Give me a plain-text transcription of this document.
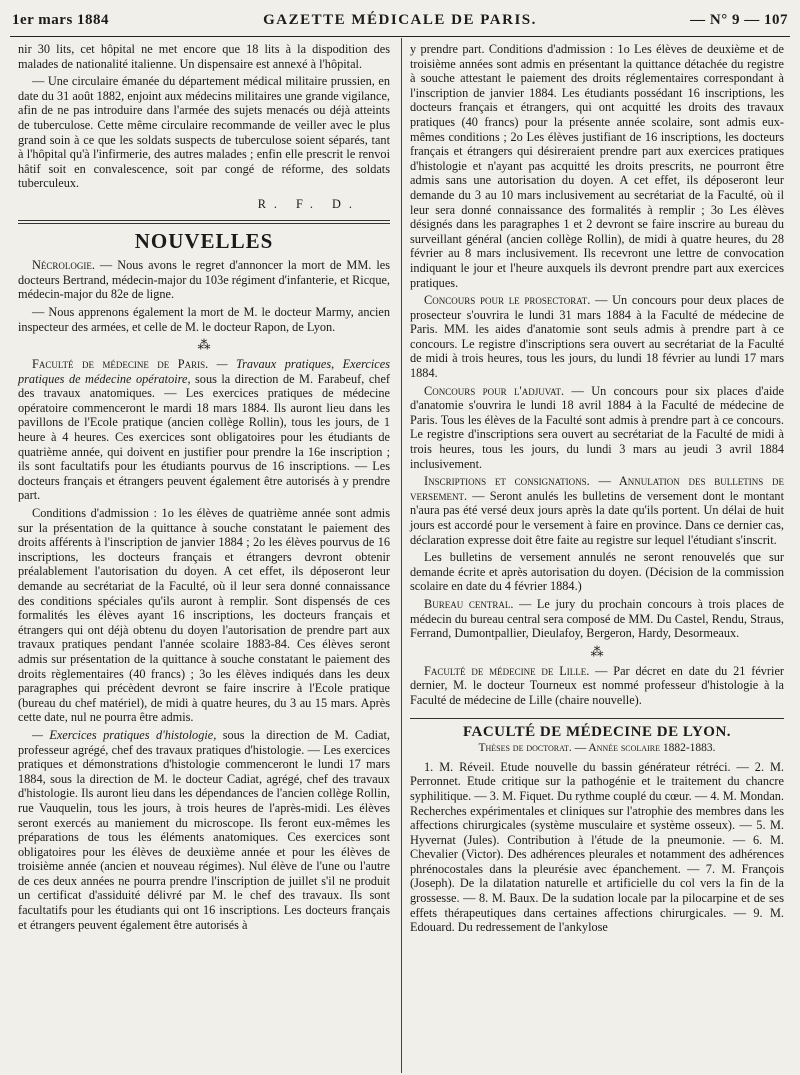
1er mars 1884	GAZETTE MÉDICALE DE PARIS.	— N° 9 — 107

nir 30 lits, cet hôpital ne met encore que 18 lits à la dispodition des malades de nationalité italienne. Un dispensaire est annexé à l'hôpital.

— Une circulaire émanée du département médical militaire prussien, en date du 31 août 1882, enjoint aux médecins militaires une grande vigilance, afin de ne pas introduire dans l'armée des sujets menacés ou déjà atteints de tuberculose. Cette même circulaire recommande de veiller avec le plus grand soin à ce que les soldats suspects de tuberculose soient séparés, tant à l'hôpital qu'à l'infirmerie, des autres malades ; enfin elle prescrit le renvoi hâtif soit en convalescence, soit par congé de réforme, des soldats tuberculeux.

R. F. D.
NOUVELLES

Nécrologie. — Nous avons le regret d'annoncer la mort de MM. les docteurs Bertrand, médecin-major du 103e régiment d'infanterie, et Ricque, médecin-major du 82e de ligne.

— Nous apprenons également la mort de M. le docteur Marmy, ancien inspecteur des armées, et celle de M. le docteur Rapon, de Lyon.

⁂

Faculté de médecine de Paris. — Travaux pratiques, Exercices pratiques de médecine opératoire, sous la direction de M. Farabeuf, chef des travaux anatomiques. — Les exercices pratiques de médecine opératoire commenceront le mardi 18 mars 1884. Ils auront lieu dans les pavillons de l'Ecole pratique (ancien collège Rollin), tous les jours, de 1 heure à 4 heures. Ces exercices sont obligatoires pour les étudiants de quatrième année, qui doivent en justifier pour prendre la 16e inscription ; ils sont facultatifs pour les étudiants pourvus de 16 inscriptions. — Les docteurs français et étrangers peuvent également être autorisés à y prendre part.

Conditions d'admission : 1o les élèves de quatrième année sont admis sur la présentation de la quittance à souche constatant le paiement des droits afférents à l'inscription de janvier 1884 ; 2o les élèves pourvus de 16 inscriptions, les docteurs français et étrangers devront obtenir préalablement l'autorisation du doyen. A cet effet, ils déposeront leur demande au secrétariat de la Faculté, où il leur sera donné connaissance des conditions spéciales qu'ils auront à remplir. Sont dispensés de ces formalités les élèves ayant 16 inscriptions, les docteurs français et étrangers qui ont déjà obtenu du doyen l'autorisation de prendre part aux travaux pratiques pendant l'année scolaire 1883-84. Ces élèves seront admis sur présentation de la quittance à souche constatant le paiement des droits règlementaires (40 francs) ; 3o les élèves indiqués dans les deux paragraphes qui précèdent devront se faire inscrire à l'Ecole pratique (bureau du chef matériel), de midi à quatre heures, du 3 au 15 mars. Après cette date, nul ne pourra être admis.

— Exercices pratiques d'histologie, sous la direction de M. Cadiat, professeur agrégé, chef des travaux pratiques d'histologie. — Les exercices pratiques et démonstrations d'histologie commenceront le lundi 17 mars 1884, sous la direction de M. le docteur Cadiat, agrégé, chef des travaux d'histologie. Ils auront lieu dans les dépendances de l'ancien collège Rollin, rue Vauquelin, tous les jours, à trois heures de l'après-midi. Les élèves seront exercés au maniement du microscope. Ils feront eux-mêmes les préparations de tous les éléments anatomiques. Ces exercices sont obligatoires pour les élèves de deuxième année et pour les élèves de troisième année (ancien et nouveau régimes). Nul élève de l'une ou l'autre de ces deux années ne pourra prendre l'inscription de juillet s'il ne produit un certificat d'assiduité délivré par M. le chef des travaux. Ils sont facultatifs pour les étudiants qui ont 16 inscriptions. Les docteurs français et étrangers peuvent également être autorisés à

y prendre part. Conditions d'admission : 1o Les élèves de deuxième et de troisième années sont admis en présentant la quittance détachée du registre à souche attestant le paiement des droits réglementaires correspondant à l'inscription de janvier 1884. Les étudiants possédant 16 inscriptions, les docteurs français et étrangers, qui ont acquitté les droits des travaux pratiques (40 francs) pour la présente année scolaire, sont admis eux-mêmes conditions ; 2o Les élèves justifiant de 16 inscriptions, les docteurs français et étrangers qui désireraient prendre part aux exercices pratiques d'histologie et n'ayant pas acquitté les droits prescrits, ne pourront être admis sans une autorisation du doyen. A cet effet, ils déposeront leur demande du 3 au 10 mars inclusivement au secrétariat de la Faculté, où il leur sera donné connaissance des formalités à remplir ; 3o Les élèves désignés dans les paragraphes 1 et 2 devront se faire inscrire au bureau du surveillant général (ancien collège Rollin), de midi à quatre heures, du 28 février au 8 mars inclusivement. Ils recevront une lettre de convocation indiquant le jour et l'heure auxquels ils devront prendre part aux exercices pratiques.

Concours pour le prosectorat. — Un concours pour deux places de prosecteur s'ouvrira le lundi 31 mars 1884 à la Faculté de médecine de Paris. MM. les aides d'anatomie sont seuls admis à prendre part à ce concours. Le registre d'inscriptions sera ouvert au secrétariat de la Faculté de midi à trois heures, tous les jours, du lundi 18 février au lundi 17 mars 1884.

Concours pour l'adjuvat. — Un concours pour six places d'aide d'anatomie s'ouvrira le lundi 18 avril 1884 à la Faculté de médecine de Paris. Tous les élèves de la Faculté sont admis à prendre part à ce concours. Le registre d'inscriptions sera ouvert au secrétariat de la Faculté de midi à trois heures, tous les jours, du lundi 3 mars au jeudi 3 avril 1884 inclusivement.

Inscriptions et consignations. — Annulation des bulletins de versement. — Seront anulés les bulletins de versement dont le montant n'aura pas été versé deux jours après la date qu'ils portent. Un délai de huit jours est accordé pour le versement à faire en province. Dans ce dernier cas, déclaration expresse doit être faite au registre sur lequel l'étudiant s'inscrit.

Les bulletins de versement annulés ne seront renouvelés que sur demande écrite et après autorisation du doyen. (Décision de la commission scolaire en date du 4 février 1884.)

Bureau central. — Le jury du prochain concours à trois places de médecin du bureau central sera composé de MM. Du Castel, Rendu, Straus, Ferrand, Dumontpallier, Dieulafoy, Bergeron, Hardy, Desormeaux.

⁂

Faculté de médecine de Lille. — Par décret en date du 21 février dernier, M. le docteur Tourneux est nommé professeur d'histologie à la Faculté de médecine de Lille (chaire nouvelle).

FACULTÉ DE MÉDECINE DE LYON.
Thèses de doctorat. — Année scolaire 1882-1883.

1. M. Réveil. Etude nouvelle du bassin générateur rétréci. — 2. M. Perronnet. Etude critique sur la pathogénie et le traitement du chancre syphilitique. — 3. M. Fiquet. Du rythme couplé du cœur. — 4. M. Mondan. Recherches expérimentales et cliniques sur l'atrophie des membres dans les affections chirurgicales (système musculaire et système osseux). — 5. M. Hyvernat (Jules). Contribution à l'étude de la pneumonie. — 6. M. Chevalier (Victor). Des adhérences pleurales et notamment des adhérences phrénocostales dans la pleurésie avec épanchement. — 7. M. François (Joseph). De la dilatation naturelle et artificielle du col vers la fin de la grossesse. — 8. M. Baux. De la sudation locale par la pilocarpine et de ses effets thérapeutiques dans certaines affections chirurgicales. — 9. M. Edouard. Du redressement de l'ankylose
